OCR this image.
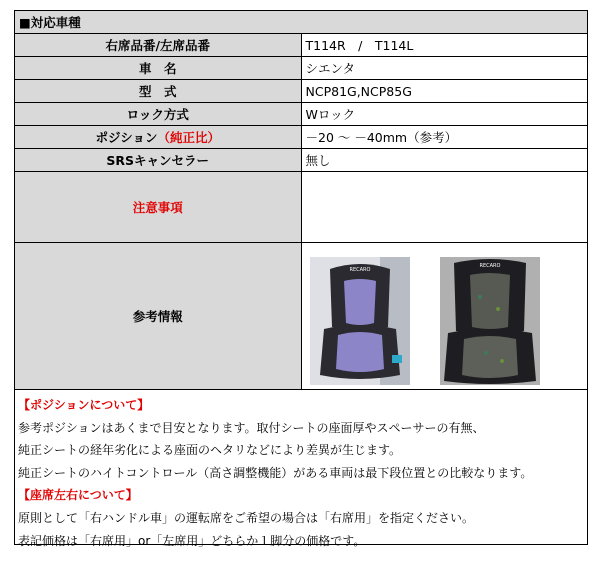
■対応車種	
右席品番/左席品番	T114R　/　T114L
車　名	シエンタ
型　式	NCP81G,NCP85G
ロック方式	Wロック
ポジション（純正比）	－20 ～ －40mm（参考）
SRSキャンセラー	無し
注意事項	
参考情報	RECARO
RECARO
【ポジションについて】
参考ポジションはあくまで目安となります。取付シートの座面厚やスペーサーの有無、
純正シートの経年劣化による座面のヘタリなどにより差異が生じます。
純正シートのハイトコントロール（高さ調整機能）がある車両は最下段位置との比較なります。
【座席左右について】
原則として「右ハンドル車」の運転席をご希望の場合は「右席用」を指定ください。
表記価格は「右席用」or「左席用」どちらか１脚分の価格です。
